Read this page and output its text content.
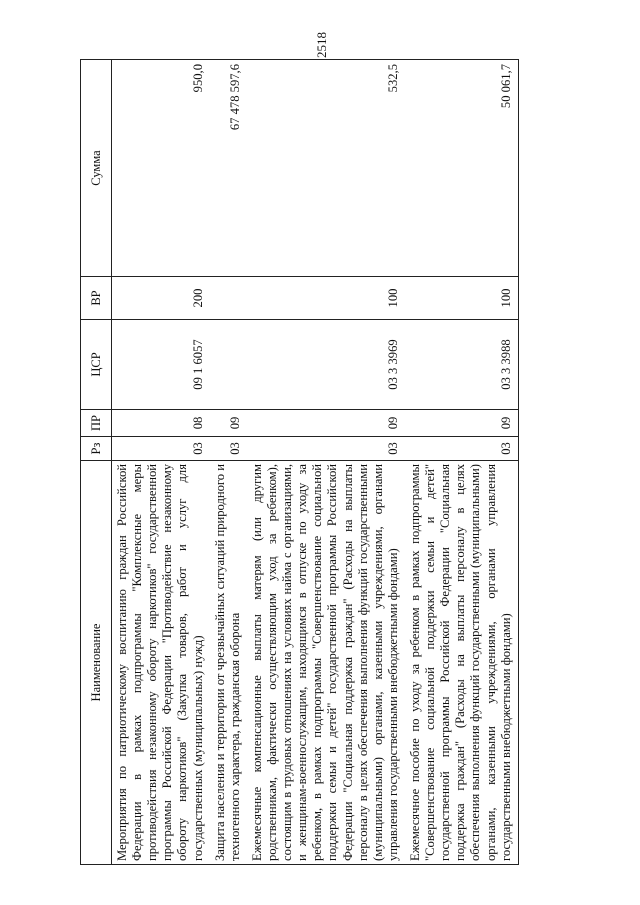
2518
Наименование	Рз	ПР	ЦСР	ВР	Сумма
Мероприятия по патриотическому воспитанию граждан Российской Федерации в рамках подпрограммы "Комплексные меры противодействия незаконному обороту наркотиков" государственной программы Российской Федерации "Противодействие незаконному обороту наркотиков" (Закупка товаров, работ и услуг для государственных (муниципальных) нужд)	03	08	09 1 6057	200	950,0
Защита населения и территории от чрезвычайных ситуаций природного и техногенного характера, гражданская оборона	03	09			67 478 597,6
Ежемесячные компенсационные выплаты матерям (или другим родственникам, фактически осуществляющим уход за ребенком), состоящим в трудовых отношениях на условиях найма с организациями, и женщинам-военнослужащим, находящимся в отпуске по уходу за ребенком, в рамках подпрограммы "Совершенствование социальной поддержки семьи и детей" государственной программы Российской Федерации "Социальная поддержка граждан" (Расходы на выплаты персоналу в целях обеспечения выполнения функций государственными (муниципальными) органами, казенными учреждениями, органами управления государственными внебюджетными фондами)	03	09	03 3 3969	100	532,5
Ежемесячное пособие по уходу за ребенком в рамках подпрограммы "Совершенствование социальной поддержки семьи и детей" государственной программы Российской Федерации "Социальная поддержка граждан" (Расходы на выплаты персоналу в целях обеспечения выполнения функций государственными (муниципальными) органами, казенными учреждениями, органами управления государственными внебюджетными фондами)	03	09	03 3 3988	100	50 061,7
